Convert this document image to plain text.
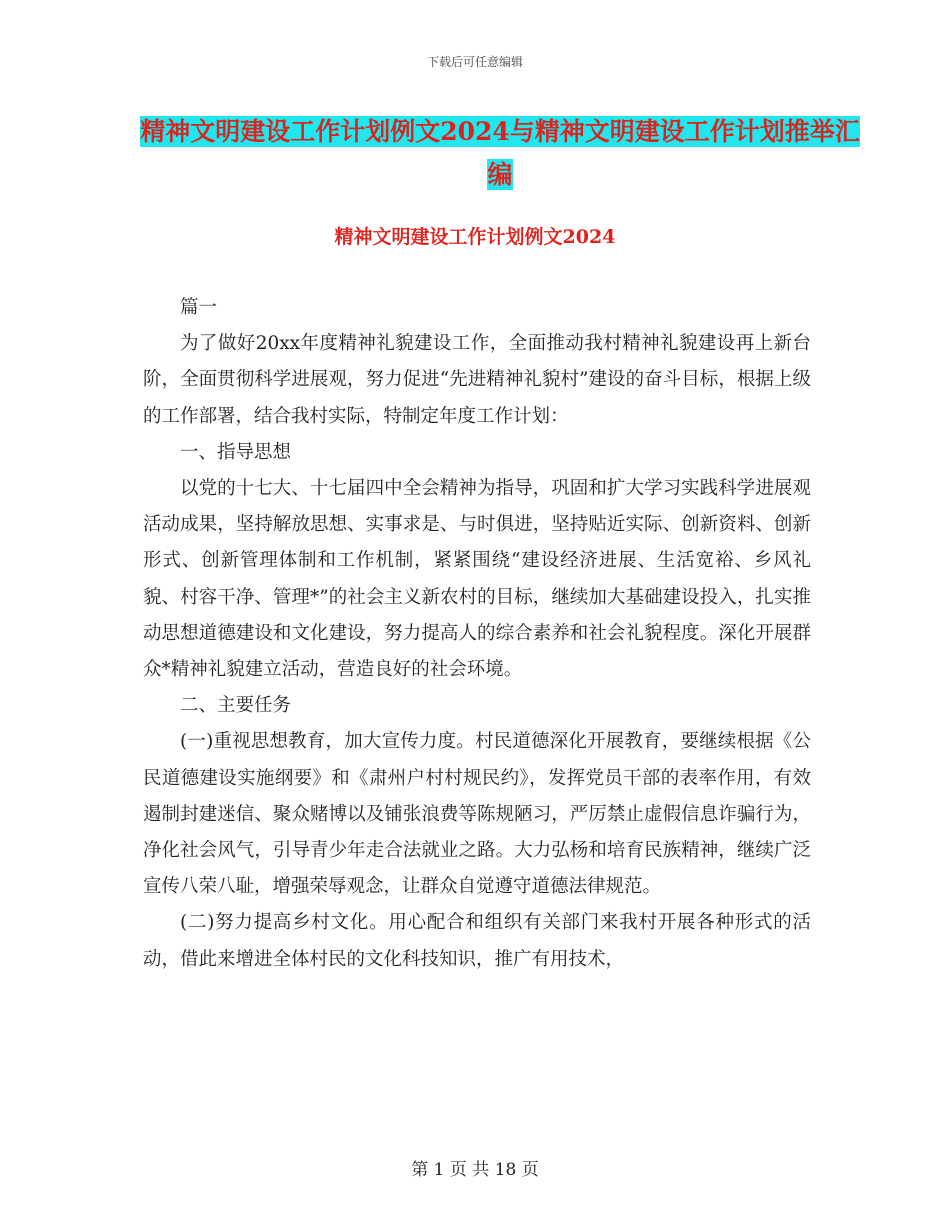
下载后可任意编辑
精神文明建设工作计划例文2024与精神文明建设工作计划推举汇编
精神文明建设工作计划例文2024

篇一

为了做好20xx年度精神礼貌建设工作，全面推动我村精神礼貌建设再上新台阶，全面贯彻科学进展观，努力促进“先进精神礼貌村”建设的奋斗目标，根据上级的工作部署，结合我村实际，特制定年度工作计划：

一、指导思想

以党的十七大、十七届四中全会精神为指导，巩固和扩大学习实践科学进展观活动成果，坚持解放思想、实事求是、与时俱进，坚持贴近实际、创新资料、创新形式、创新管理体制和工作机制，紧紧围绕“建设经济进展、生活宽裕、乡风礼貌、村容干净、管理*”的社会主义新农村的目标，继续加大基础建设投入，扎实推动思想道德建设和文化建设，努力提高人的综合素养和社会礼貌程度。深化开展群众*精神礼貌建立活动，营造良好的社会环境。

二、主要任务

(一)重视思想教育，加大宣传力度。村民道德深化开展教育，要继续根据《公民道德建设实施纲要》和《肃州户村村规民约》，发挥党员干部的表率作用，有效遏制封建迷信、聚众赌博以及铺张浪费等陈规陋习，严厉禁止虚假信息诈骗行为，净化社会风气，引导青少年走合法就业之路。大力弘杨和培育民族精神，继续广泛宣传八荣八耻，增强荣辱观念，让群众自觉遵守道德法律规范。

(二)努力提高乡村文化。用心配合和组织有关部门来我村开展各种形式的活动，借此来增进全体村民的文化科技知识，推广有用技术，

第 1 页 共 18 页
